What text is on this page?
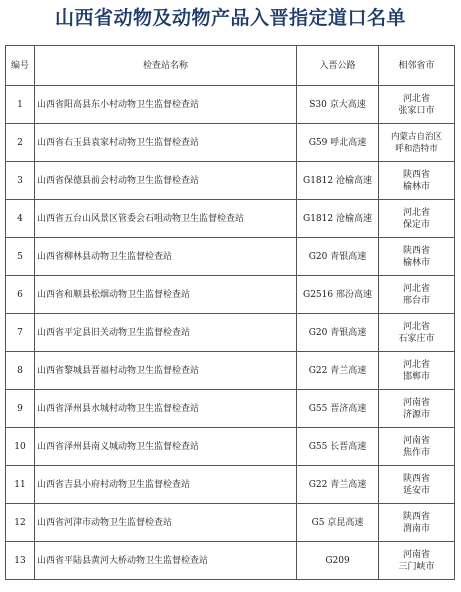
山西省动物及动物产品入晋指定道口名单
编号	检查站名称	入晋公路	相邻省市
1	山西省阳高县东小村动物卫生监督检查站	S30 京大高速	河北省
张家口市

2	山西省右玉县袁家村动物卫生监督检查站	G59 呼北高速	内蒙古自治区
呼和浩特市

3	山西省保德县前会村动物卫生监督检查站	G1812 沧榆高速	陕西省
榆林市

4	山西省五台山风景区管委会石咀动物卫生监督检查站	G1812 沧榆高速	河北省
保定市

5	山西省柳林县动物卫生监督检查站	G20 青银高速	陕西省
榆林市

6	山西省和顺县松烟动物卫生监督检查站	G2516 邢汾高速	河北省
邢台市

7	山西省平定县旧关动物卫生监督检查站	G20 青银高速	河北省
石家庄市

8	山西省黎城县晋福村动物卫生监督检查站	G22 青兰高速	河北省
邯郸市

9	山西省泽州县水城村动物卫生监督检查站	G55 晋济高速	河南省
济源市

10	山西省泽州县南义城动物卫生监督检查站	G55 长晋高速	河南省
焦作市

11	山西省吉县小府村动物卫生监督检查站	G22 青兰高速	陕西省
延安市

12	山西省河津市动物卫生监督检查站	G5 京昆高速	陕西省
渭南市

13	山西省平陆县黄河大桥动物卫生监督检查站	G209	河南省
三门峡市
